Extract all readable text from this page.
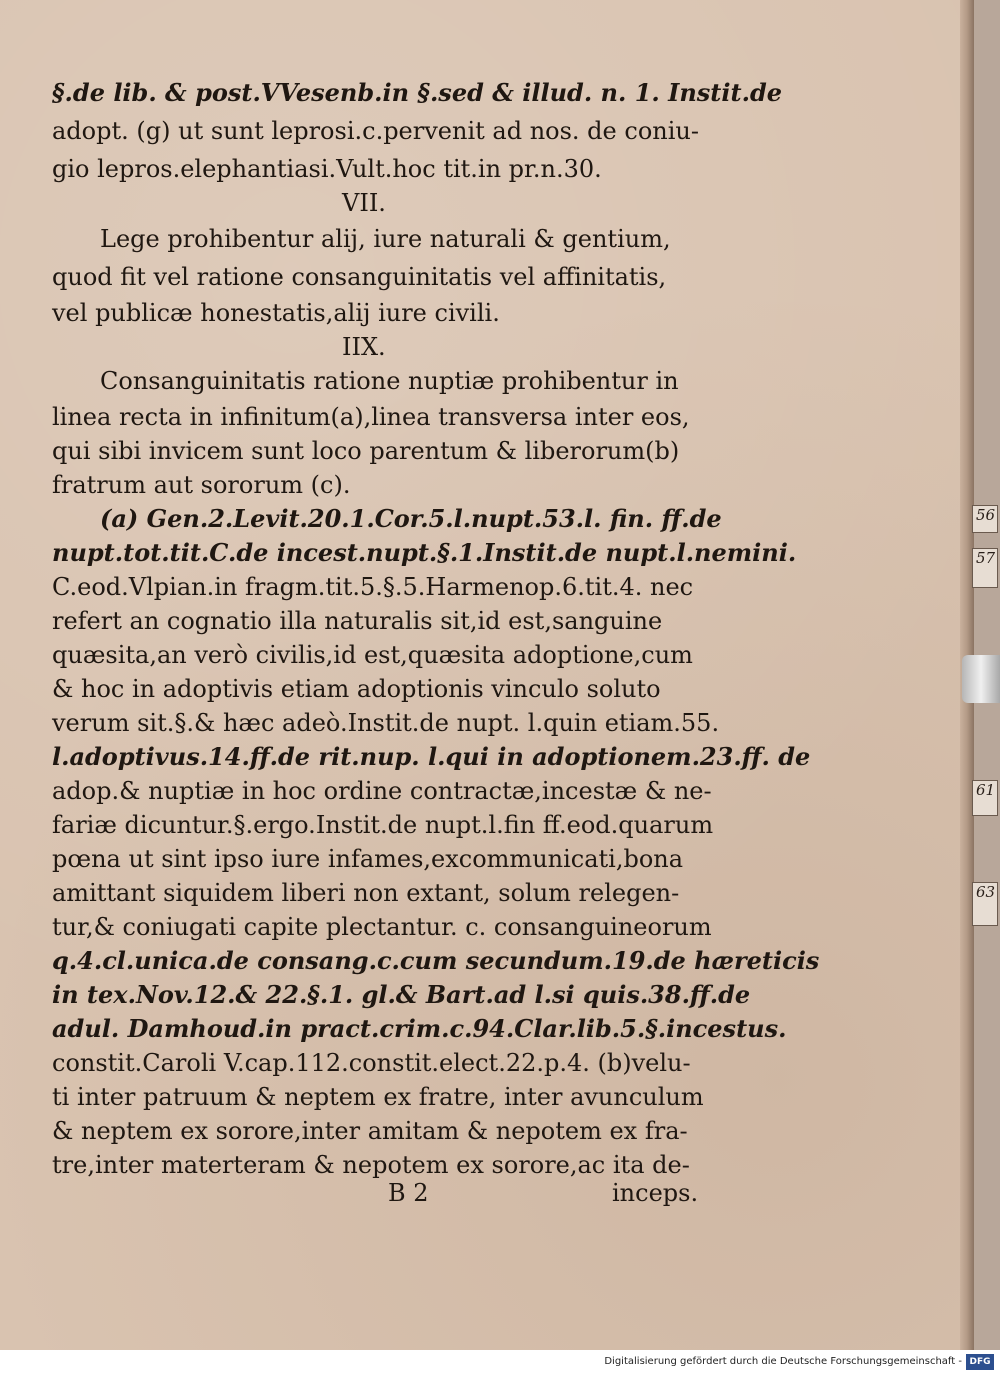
56
57
61
63
§.de lib. & post.VVesenb.in §.sed & illud. n. 1. Instit.de
adopt. (g) ut sunt leprosi.c.pervenit ad nos. de coniu-
gio lepros.elephantiasi.Vult.hoc tit.in pr.n.30.
VII.
Lege prohibentur alij, iure naturali & gentium,
quod fit vel ratione consanguinitatis vel affinitatis,
vel publicæ honestatis,alij iure civili.
IIX.
Consanguinitatis ratione nuptiæ prohibentur in
linea recta in infinitum(a),linea transversa inter eos,
qui sibi invicem sunt loco parentum & liberorum(b)
fratrum aut sororum (c).
(a) Gen.2.Levit.20.1.Cor.5.l.nupt.53.l. fin. ff.de
nupt.tot.tit.C.de incest.nupt.§.1.Instit.de nupt.l.nemini.
C.eod.Vlpian.in fragm.tit.5.§.5.Harmenop.6.tit.4. nec
refert an cognatio illa naturalis sit,id est,sanguine
quæsita,an verò civilis,id est,quæsita adoptione,cum
& hoc in adoptivis etiam adoptionis vinculo soluto
verum sit.§.& hæc adeò.Instit.de nupt. l.quin etiam.55.
l.adoptivus.14.ff.de rit.nup. l.qui in adoptionem.23.ff. de
adop.& nuptiæ in hoc ordine contractæ,incestæ & ne-
fariæ dicuntur.§.ergo.Instit.de nupt.l.fin ff.eod.quarum
pœna ut sint ipso iure infames,excommunicati,bona
amittant siquidem liberi non extant, solum relegen-
tur,& coniugati capite plectantur. c. consanguineorum
q.4.cl.unica.de consang.c.cum secundum.19.de hæreticis
in tex.Nov.12.& 22.§.1. gl.& Bart.ad l.si quis.38.ff.de
adul. Damhoud.in pract.crim.c.94.Clar.lib.5.§.incestus.
constit.Caroli V.cap.112.constit.elect.22.p.4. (b)velu-
ti inter patruum & neptem ex fratre, inter avunculum
& neptem ex sorore,inter amitam & nepotem ex fra-
tre,inter materteram & nepotem ex sorore,ac ita de-
B 2	inceps.
Digitalisierung gefördert durch die Deutsche Forschungsgemeinschaft - DFG
